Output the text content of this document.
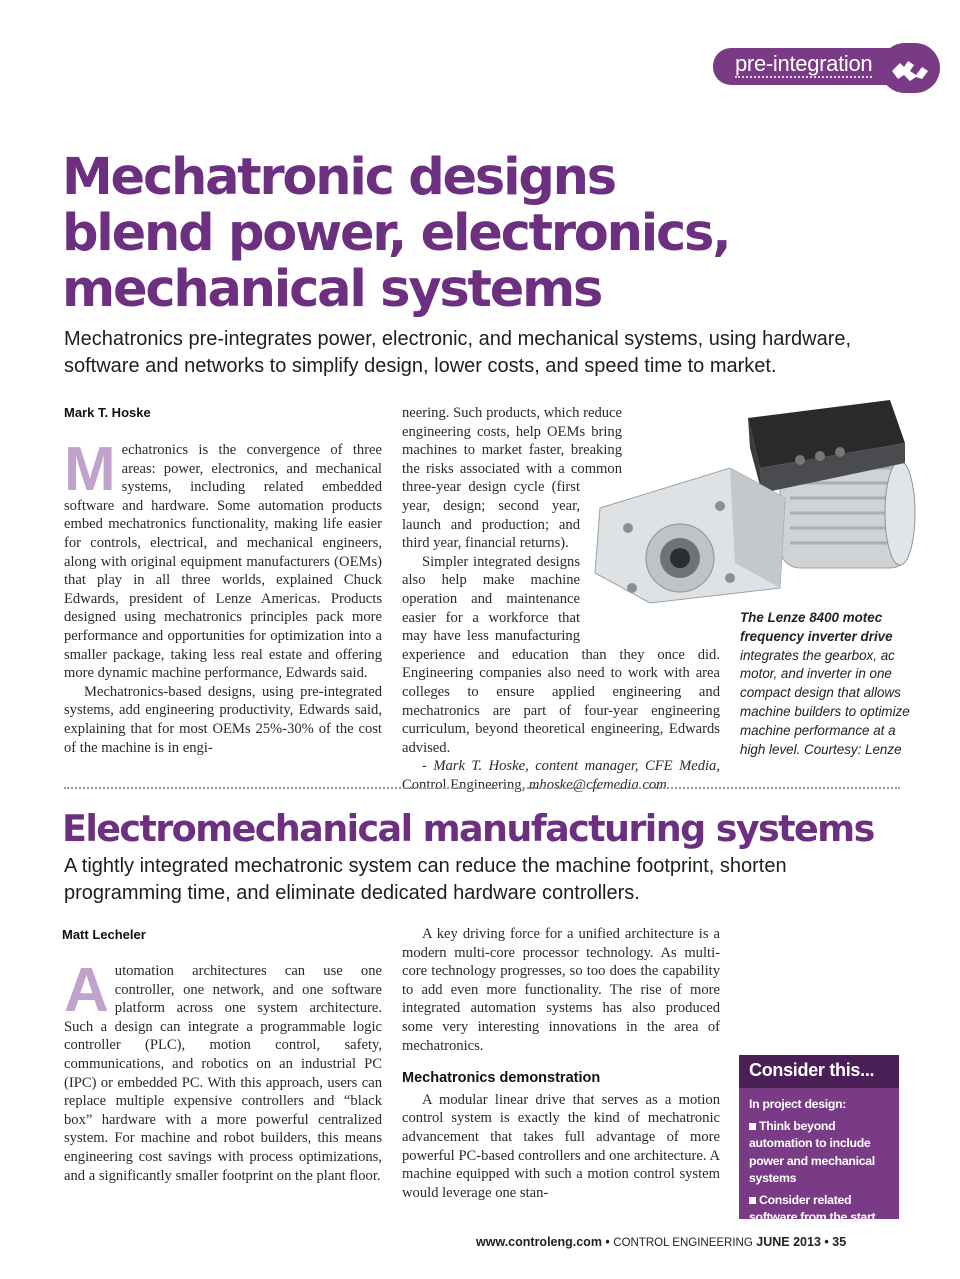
pre-integration
Mechatronic designs blend power, electronics, mechanical systems

Mechatronics pre-integrates power, electronic, and mechanical systems, using hardware, software and networks to simplify design, lower costs, and speed time to market.

Mark T. Hoske

Mechatronics is the convergence of three areas: power, electronics, and mechanical systems, including related embedded software and hardware. Some automation products embed mechatronics functionality, making life easier for controls, electrical, and mechanical engineers, along with original equipment manufacturers (OEMs) that play in all three worlds, explained Chuck Edwards, president of Lenze Americas. Products designed using mechatronics principles pack more performance and opportunities for optimization into a smaller package, taking less real estate and offering more dynamic machine performance, Edwards said.

Mechatronics-based designs, using pre-integrated systems, add engineering productivity, Edwards said, explaining that for most OEMs 25%-30% of the cost of the machine is in engi-

neering. Such products, which reduce engineering costs, help OEMs bring machines to market faster, breaking the risks associated with a common three-year design cycle (first year, design; second year, launch and production; and third year, financial returns).

Simpler integrated designs also help make machine operation and maintenance easier for a workforce that may have less manufacturing experience and education than they once did. Engineering companies also need to work with area colleges to ensure applied engineering and mechatronics are part of four-year engineering curriculum, beyond theoretical engineering, Edwards advised.

- Mark T. Hoske, content manager, CFE Media, Control Engineering, mhoske@cfemedia.com.

The Lenze 8400 motec frequency inverter drive integrates the gearbox, ac motor, and inverter in one compact design that allows machine builders to optimize machine performance at a high level. Courtesy: Lenze
Electromechanical manufacturing systems

A tightly integrated mechatronic system can reduce the machine footprint, shorten programming time, and eliminate dedicated hardware controllers.

Matt Lecheler

Automation architectures can use one controller, one network, and one software platform across one system architecture. Such a design can integrate a programmable logic controller (PLC), motion control, safety, communications, and robotics on an industrial PC (IPC) or embedded PC. With this approach, users can replace multiple expensive controllers and “black box” hardware with a more powerful centralized system. For machine and robot builders, this means engineering cost savings with process optimizations, and a significantly smaller footprint on the plant floor.

A key driving force for a unified architecture is a modern multi-core processor technology. As multi-core technology progresses, so too does the capability to add even more functionality. The rise of more integrated automation systems has also produced some very interesting innovations in the area of mechatronics.

Mechatronics demonstration

A modular linear drive that serves as a motion control system is exactly the kind of mechatronic advancement that takes full advantage of more powerful PC-based controllers and one architecture. A machine equipped with such a motion control system would leverage one stan-

Consider this...
In project design:
Think beyond automation to include power and mechanical systems
Consider related software from the start
www.controleng.com • CONTROL ENGINEERING JUNE 2013 • 35
